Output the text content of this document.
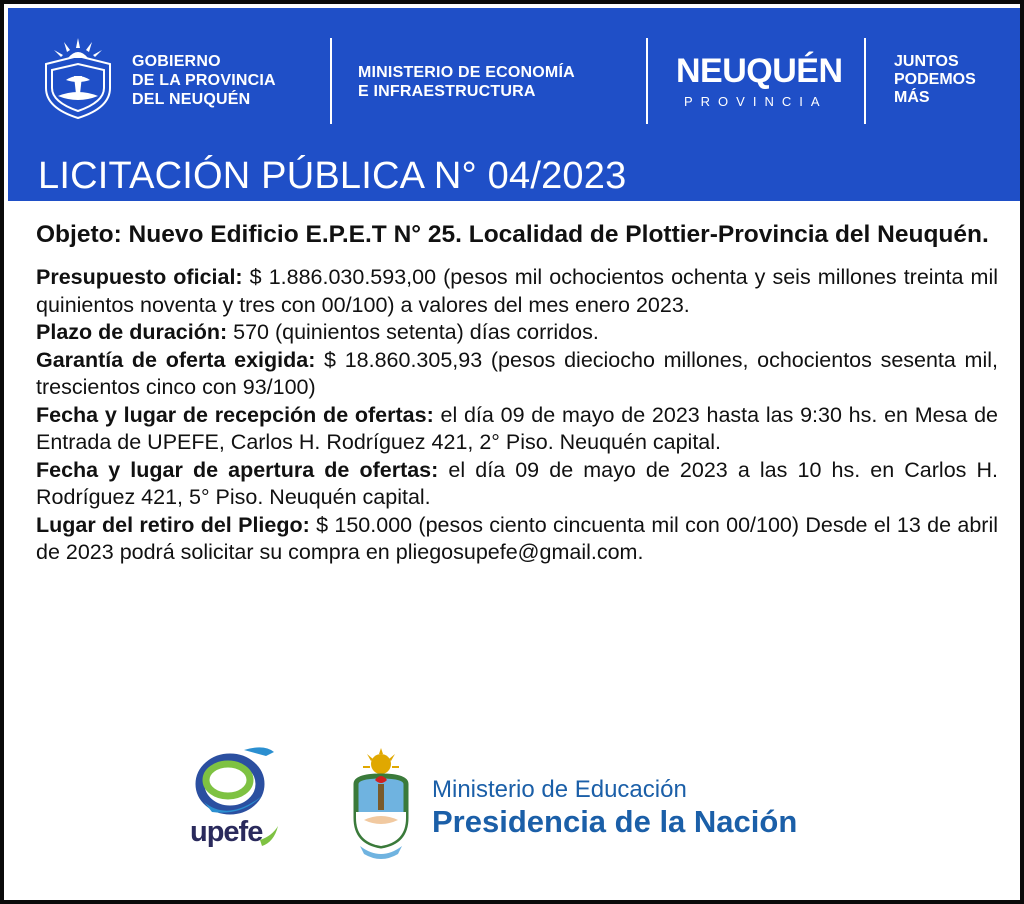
GOBIERNO
DE LA PROVINCIA
DEL NEUQUÉN
MINISTERIO DE ECONOMÍA
E INFRAESTRUCTURA
NEUQUÉN
PROVINCIA
JUNTOS
PODEMOS
MÁS
LICITACIÓN PÚBLICA N° 04/2023

Objeto: Nuevo Edificio E.P.E.T N° 25. Localidad de Plottier-Provincia del Neuquén.

Presupuesto oficial: $ 1.886.030.593,00 (pesos mil ochocientos ochenta y seis millones treinta mil quinientos noventa y tres con 00/100) a valores del mes enero 2023.

Plazo de duración: 570 (quinientos setenta) días corridos.

Garantía de oferta exigida: $ 18.860.305,93 (pesos dieciocho millones, ochocientos sesenta mil, trescientos cinco con 93/100)

Fecha y lugar de recepción de ofertas: el día 09 de mayo de 2023 hasta las 9:30 hs. en Mesa de Entrada de UPEFE, Carlos H. Rodríguez 421, 2° Piso. Neuquén capital.

Fecha y lugar de apertura de ofertas: el día 09 de mayo de 2023 a las 10 hs. en Carlos H. Rodríguez 421, 5° Piso. Neuquén capital.

Lugar del retiro del Pliego: $ 150.000 (pesos ciento cincuenta mil con 00/100) Desde el 13 de abril de 2023 podrá solicitar su compra en pliegosupefe@gmail.com.

upefe
Ministerio de Educación
Presidencia de la Nación
